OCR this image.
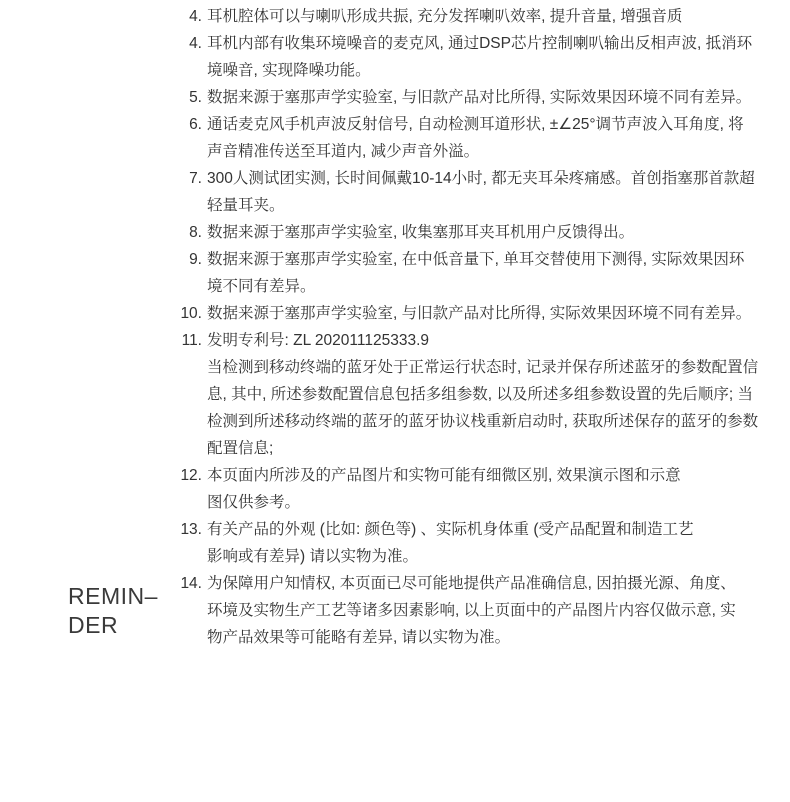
REMIN–
DER
4. 耳机腔体可以与喇叭形成共振, 充分发挥喇叭效率, 提升音量, 增强音质
4. 耳机内部有收集环境噪音的麦克风, 通过DSP芯片控制喇叭输出反相声波, 抵消环
境噪音, 实现降噪功能。
5. 数据来源于塞那声学实验室, 与旧款产品对比所得, 实际效果因环境不同有差异。
6. 通话麦克风手机声波反射信号, 自动检测耳道形状, ±∠25°调节声波入耳角度, 将
声音精准传送至耳道内, 减少声音外溢。
7. 300人测试团实测, 长时间佩戴10-14小时, 都无夹耳朵疼痛感。首创指塞那首款超
轻量耳夹。
8. 数据来源于塞那声学实验室, 收集塞那耳夹耳机用户反馈得出。
9. 数据来源于塞那声学实验室, 在中低音量下, 单耳交替使用下测得, 实际效果因环
境不同有差异。
10. 数据来源于塞那声学实验室, 与旧款产品对比所得, 实际效果因环境不同有差异。
11. 发明专利号: ZL 202011125333.9
当检测到移动终端的蓝牙处于正常运行状态时, 记录并保存所述蓝牙的参数配置信
息, 其中, 所述参数配置信息包括多组参数, 以及所述多组参数设置的先后顺序; 当
检测到所述移动终端的蓝牙的蓝牙协议栈重新启动时, 获取所述保存的蓝牙的参数
配置信息;
12. 本页面内所涉及的产品图片和实物可能有细微区别, 效果演示图和示意
图仅供参考。
13. 有关产品的外观 (比如: 颜色等) 、实际机身体重 (受产品配置和制造工艺
影响或有差异) 请以实物为准。
14. 为保障用户知情权, 本页面已尽可能地提供产品准确信息, 因拍摄光源、角度、
环境及实物生产工艺等诸多因素影响, 以上页面中的产品图片内容仅做示意, 实
物产品效果等可能略有差异, 请以实物为准。
